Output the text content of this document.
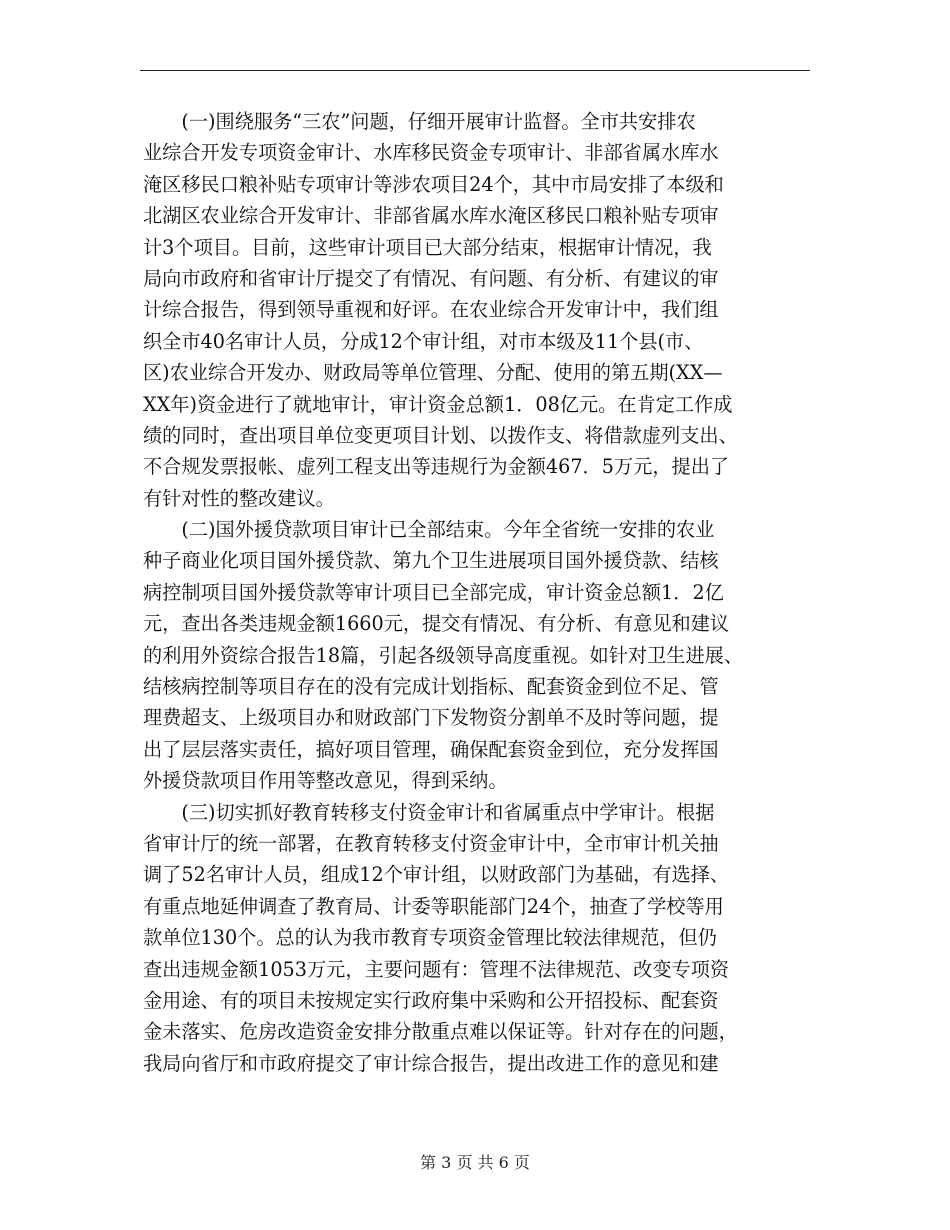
　　(一)围绕服务“三农”问题，仔细开展审计监督。全市共安排农
业综合开发专项资金审计、水库移民资金专项审计、非部省属水库水
淹区移民口粮补贴专项审计等涉农项目24个，其中市局安排了本级和
北湖区农业综合开发审计、非部省属水库水淹区移民口粮补贴专项审
计3个项目。目前，这些审计项目已大部分结束，根据审计情况，我
局向市政府和省审计厅提交了有情况、有问题、有分析、有建议的审
计综合报告，得到领导重视和好评。在农业综合开发审计中，我们组
织全市40名审计人员，分成12个审计组，对市本级及11个县(市、
区)农业综合开发办、财政局等单位管理、分配、使用的第五期(XX—
XX年)资金进行了就地审计，审计资金总额1．08亿元。在肯定工作成
绩的同时，查出项目单位变更项目计划、以拨作支、将借款虚列支出、
不合规发票报帐、虚列工程支出等违规行为金额467．5万元，提出了
有针对性的整改建议。
　　(二)国外援贷款项目审计已全部结束。今年全省统一安排的农业
种子商业化项目国外援贷款、第九个卫生进展项目国外援贷款、结核
病控制项目国外援贷款等审计项目已全部完成，审计资金总额1．2亿
元，查出各类违规金额1660元，提交有情况、有分析、有意见和建议
的利用外资综合报告18篇，引起各级领导高度重视。如针对卫生进展、
结核病控制等项目存在的没有完成计划指标、配套资金到位不足、管
理费超支、上级项目办和财政部门下发物资分割单不及时等问题，提
出了层层落实责任，搞好项目管理，确保配套资金到位，充分发挥国
外援贷款项目作用等整改意见，得到采纳。
　　(三)切实抓好教育转移支付资金审计和省属重点中学审计。根据
省审计厅的统一部署，在教育转移支付资金审计中，全市审计机关抽
调了52名审计人员，组成12个审计组，以财政部门为基础，有选择、
有重点地延伸调查了教育局、计委等职能部门24个，抽查了学校等用
款单位130个。总的认为我市教育专项资金管理比较法律规范，但仍
查出违规金额1053万元，主要问题有：管理不法律规范、改变专项资
金用途、有的项目未按规定实行政府集中采购和公开招投标、配套资
金未落实、危房改造资金安排分散重点难以保证等。针对存在的问题，
我局向省厅和市政府提交了审计综合报告，提出改进工作的意见和建
第 3 页 共 6 页
